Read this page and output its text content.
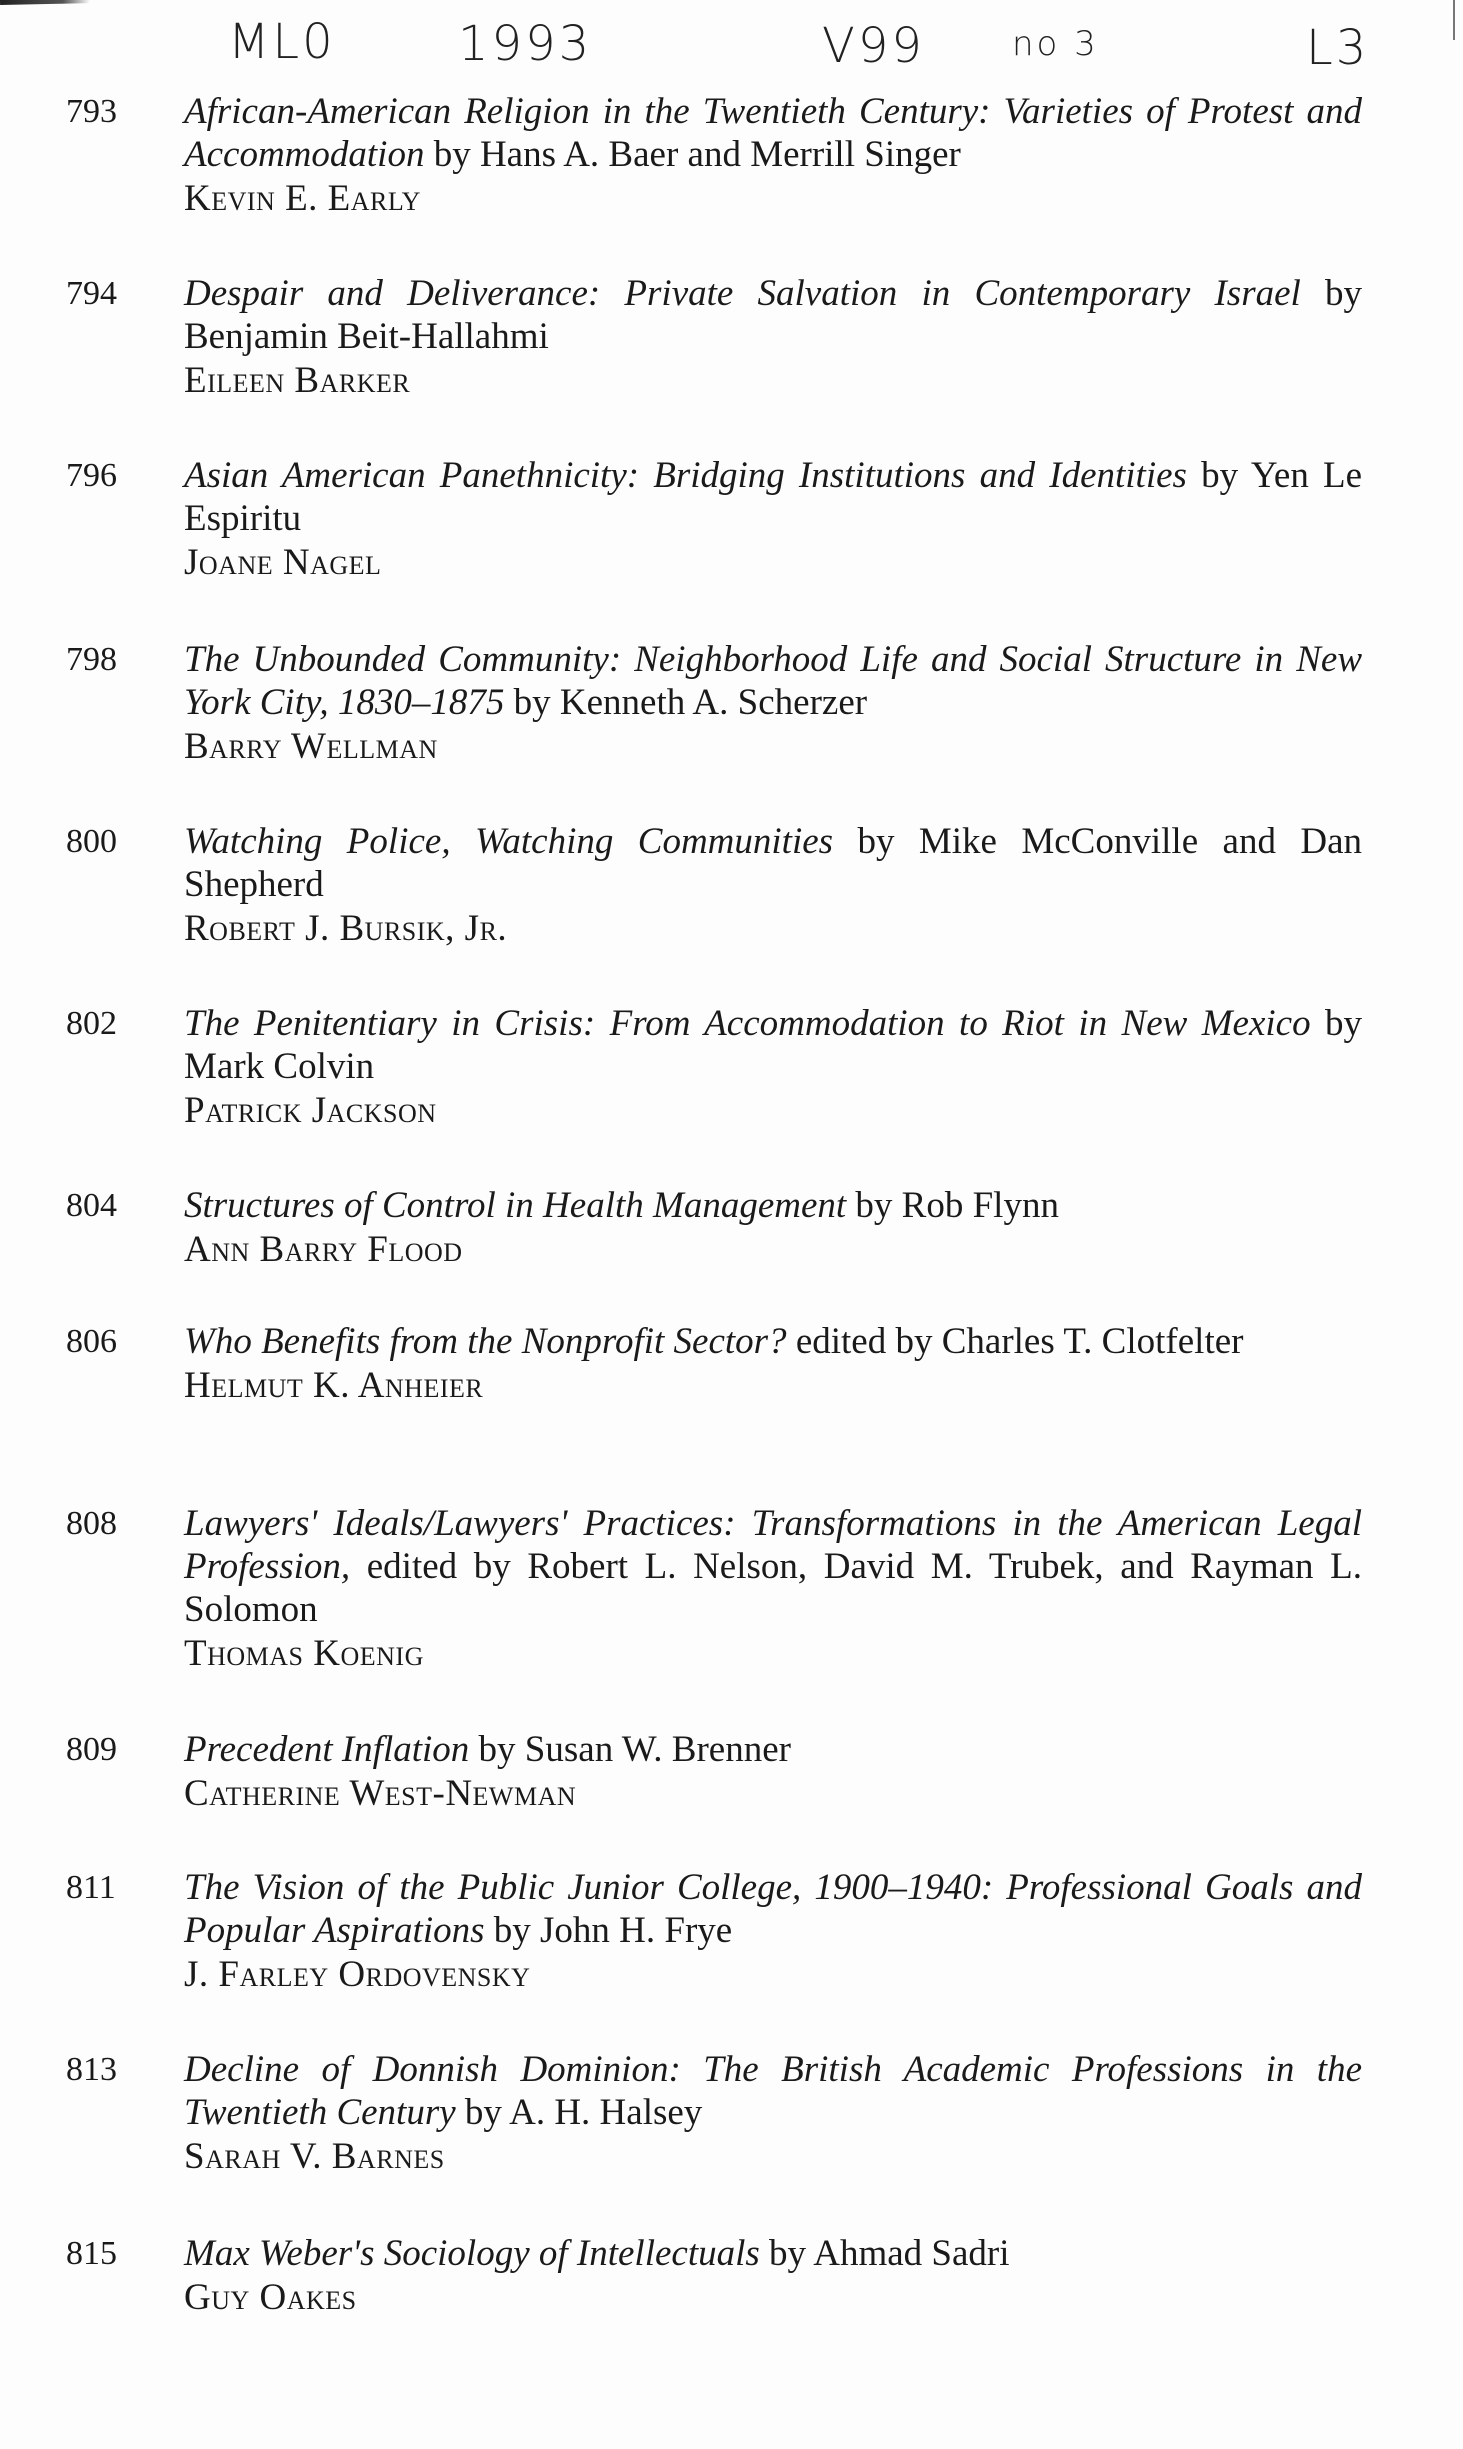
ML0	1993	V99	no 3	L3
793	African-American Religion in the Twentieth Century: Varieties of Protest and Accommodation by Hans A. Baer and Merrill Singer

Kevin E. Early

794	Despair and Deliverance: Private Salvation in Contemporary Israel by Benjamin Beit-Hallahmi

Eileen Barker

796	Asian American Panethnicity: Bridging Institutions and Identities by Yen Le Espiritu

Joane Nagel

798	The Unbounded Community: Neighborhood Life and Social Structure in New York City, 1830–1875 by Kenneth A. Scherzer

Barry Wellman

800	Watching Police, Watching Communities by Mike McConville and Dan Shepherd

Robert J. Bursik, Jr.

802	The Penitentiary in Crisis: From Accommodation to Riot in New Mexico by Mark Colvin

Patrick Jackson

804	Structures of Control in Health Management by Rob Flynn

Ann Barry Flood

806	Who Benefits from the Nonprofit Sector? edited by Charles T. Clotfelter

Helmut K. Anheier

808	Lawyers' Ideals/Lawyers' Practices: Transformations in the American Legal Profession, edited by Robert L. Nelson, David M. Trubek, and Rayman L. Solomon

Thomas Koenig

809	Precedent Inflation by Susan W. Brenner

Catherine West-Newman

811	The Vision of the Public Junior College, 1900–1940: Professional Goals and Popular Aspirations by John H. Frye

J. Farley Ordovensky

813	Decline of Donnish Dominion: The British Academic Professions in the Twentieth Century by A. H. Halsey

Sarah V. Barnes

815	Max Weber's Sociology of Intellectuals by Ahmad Sadri

Guy Oakes
